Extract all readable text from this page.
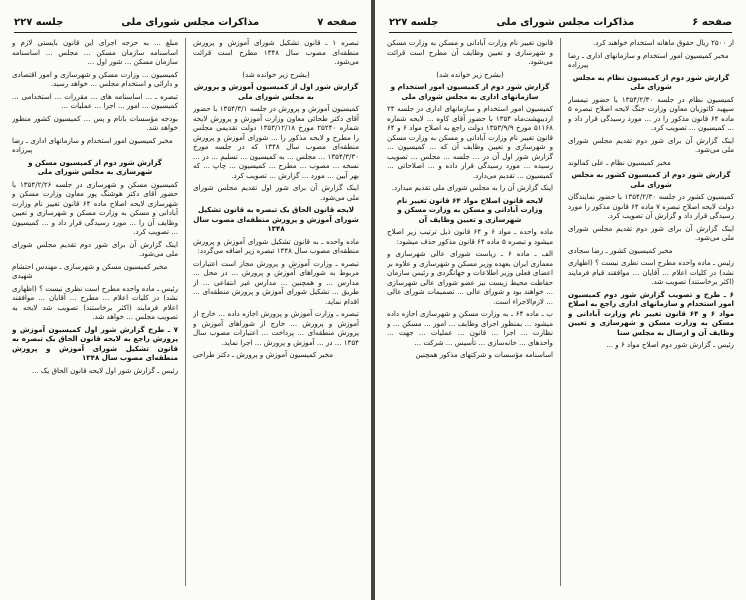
مذاکرات مجلس شورای ملی
جلسه ۲۲۷	صفحه ۷

تبصره ۱ ـ قانون تشکیل شورای آموزش و پرورش منطقه‌ای مصوب سال ۱۳۴۸ مطرح است قرائت می‌شود.

(بشرح زیر خوانده شد)

گزارش شور اول از کمیسیون آموزش و پرورش به مجلس شورای ملی

کمیسیون آموزش و پرورش در جلسه ۱۳۵۴/۳/۱ با حضور آقای دکتر طحائی معاون وزارت آموزش و پرورش لایحه شماره ۲۵۲۴۰ مورخ ۱۳۵۳/۱۲/۱۸ دولت تقدیمی مجلس را مطرح و لایحه مذکور را ... شورای آموزش و پرورش منطقه‌ای مصوب سال ۱۳۴۸ که در جلسه مورخ ۱۳۵۴/۳/۳۰ ... مجلس ... به کمیسیون ... تسلیم ... در ... نسخه ... مصوب ... مطرح ... کمیسیون ... چاپ ... که بهر آیین ... مورد ... گزارش ... تصویب کرد.

اینک گزارش آن برای شور اول تقدیم مجلس شورای ملی می‌شود.

لایحه قانون الحاق یک تبصره به قانون تشکیل شورای آموزش و پرورش منطقه‌ای مصوب سال ۱۳۴۸

ماده واحده ـ به قانون تشکیل شورای آموزش و پرورش منطقه‌ای مصوب سال ۱۳۴۸ تبصره زیر اضافه می‌گردد:

تبصره ـ وزارت آموزش و پرورش مجاز است اعتبارات مربوط به شوراهای آموزش و پرورش ... در محل ... مدارس ... و همچنین ... مدارس غیر انتفاعی ... از طریق ... تشکیل شورای آموزش و پرورش منطقه‌ای ... اقدام نماید.

تبصره ـ وزارت آموزش و پرورش اجازه داده ... خارج از آموزش و پرورش ... خارج از شوراهای آموزش و پرورش منطقه‌ای ... پرداخت ... اعتبارات مصوب سال ۱۳۵۴ ... در ... آموزش و پرورش ... اجرا نماید.

مخبر کمیسیون آموزش و پرورش ـ دکتر طراحی

مبلغ ... به حرجه اجرای این قانون بایستی لازم و اساسنامه سازمان مسکن ... مجلس ... اساسنامه سازمان مسکن ... شور اول ...

کمیسیون ... وزارت مسکن و شهرسازی و امور اقتصادی و دارائی و استخدام مجلس ... خواهد رسید.

تبصره ـ ... اساسنامه های ... مقررات ... استخدامی ... کمیسیون ... امور ... اجرا ... عملیات ...

بودجه مؤسسات بانام و پس ... کمیسیون کشور منظور خواهد شد.

مخبر کمیسیون امور استخدام و سازمانهای اداری ـ رضا پیرزاده

گزارش شور دوم از کمیسیون مسکن و شهرسازی به مجلس شورای ملی

کمیسیون مسکن و شهرسازی در جلسه ۱۳۵۴/۲/۲۶ با حضور آقای دکتر هوشنگ پور معاون وزارت مسکن و شهرسازی لایحه اصلاح ماده ۶۴ قانون تغییر نام وزارت آبادانی و مسکن به وزارت مسکن و شهرسازی و تعیین وظایف آن را ... مورد رسیدگی قرار داد و ... کمیسیون ... تصویب کرد.

اینک گزارش آن برای شور دوم تقدیم مجلس شورای ملی می‌شود.

مخبر کمیسیون مسکن و شهرسازی ـ مهندس احتشام شهیدی

رئیس ـ ماده واحده مطرح است نظری نیست ؟ (اظهاری نشد) در کلیات اعلام ... مطرح ... آقایان ... موافقند اعلام فرمایند (اکثر برخاستند) تصویب شد لایحه به تصویب مجلس ... خواهد شد.

۷ ـ طرح گزارش شور اول کمیسیون آموزش و پرورش راجع به لایحه قانون الحاق یک تبصره به قانون تشکیل شورای آموزش و پرورش منطقه‌ای مصوب سال ۱۳۴۸

رئیس ـ گزارش شور اول لایحه قانون الحاق یک ...

صفحه ۶
مذاکرات مجلس شورای ملی
جلسه ۲۲۷

از ۲۵۰۰ ریال حقوق ماهانه استخدام خواهند کرد.

مخبر کمیسیون امور استخدام و سازمانهای اداری ـ رضا پیرزاده

گزارش شور دوم از کمیسیون نظام به مجلس شورای ملی

کمیسیون نظام در جلسه ۱۳۵۴/۲/۳۰ با حضور تیمسار سپهبد کاتوزیان معاون وزارت جنگ لایحه اصلاح تبصره ۵ ماده ۶۴ قانون مذکور را در ... مورد رسیدگی قرار داد و ... کمیسیون ... تصویب کرد.

اینک گزارش آن برای شور دوم تقدیم مجلس شورای ملی می‌شود.

مخبر کمیسیون نظام ـ علی کمالوند

گزارش شور دوم از کمیسیون کشور به مجلس شورای ملی

کمیسیون کشور در جلسه ۱۳۵۴/۲/۳۰ با حضور نمایندگان دولت لایحه اصلاح تبصره ۷ ماده ۶۴ قانون مذکور را مورد رسیدگی قرار داد و گزارش آن تصویب کرد.

اینک گزارش آن برای شور دوم تقدیم مجلس شورای ملی می‌شود.

مخبر کمیسیون کشور ـ رضا سجادی

رئیس ـ ماده واحده مطرح است نظری نیست ؟ (اظهاری نشد) در کلیات اعلام ... آقایان ... موافقند قیام فرمایند (اکثر برخاستند) تصویب شد.

۶ ـ طرح و تصویب گزارش شور دوم کمیسیون امور استخدام و سازمانهای اداری راجع به اصلاح مواد ۶ و ۶۴ قانون تغییر نام وزارت آبادانی و مسکن به وزارت مسکن و شهرسازی و تعیین وظایف آن و ارسال به مجلس سنا

رئیس ـ گزارش شور دوم اصلاح مواد ۶ و ...

قانون تغییر نام وزارت آبادانی و مسکن به وزارت مسکن و شهرسازی و تعیین وظایف آن مطرح است قرائت می‌شود.

(بشرح زیر خوانده شد)

گزارش شور دوم از کمیسیون امور استخدام و سازمانهای اداری به مجلس شورای ملی

کمیسیون امور استخدام و سازمانهای اداری در جلسه ۲۴ اردیبهشت‌ماه ۱۳۵۴ با حضور آقای کاوه ... لایحه شماره ۵۱۱۶۸ مورخ ۱۳۵۳/۹/۹ دولت راجع به اصلاح مواد ۶ و ۶۴ قانون تغییر نام وزارت آبادانی و مسکن به وزارت مسکن و شهرسازی و تعیین وظایف آن که ... کمیسیون ... گزارش شور اول آن در ... جلسه ... مجلس ... تصویب رسیده ... مورد رسیدگی قرار داده و ... اصلاحاتی ... کمیسیون ... تقدیم می‌دارد.

اینک گزارش آن را به مجلس شورای ملی تقدیم میدارد.

لایحه قانون اصلاح مواد ۶۴ قانون تغییر نام وزارت آبادانی و مسکن به وزارت مسکن و شهرسازی و تعیین وظایف آن

ماده واحده ـ مواد ۶ و ۶۴ قانون ذیل ترتیب زیر اصلاح میشود و تبصره ۵ ماده ۶۴ قانون مذکور حذف میشود:

الف ـ ماده ۶ ـ ریاست شورای عالی شهرسازی و معماری ایران بعهده وزیر مسکن و شهرسازی و علاوه بر اعضای فعلی وزیر اطلاعات و جهانگردی و رئیس سازمان حفاظت محیط زیست نیز عضو شورای عالی شهرسازی ... خواهند بود و شورای عالی ... تصمیمات شورای عالی ... لازم‌الاجراء است.

ب ـ ماده ۶۴ ـ به وزارت مسکن و شهرسازی اجازه داده میشود ... بمنظور اجرای وظایف ... امور ... مسکن ... و نظارت ... اجرا ... قانون ... عملیات ... جهت ... واحدهای ... خانه‌سازی ... تأسیس ... شرکت ...

اساسنامه مؤسسات و شرکتهای مذکور همچنین
